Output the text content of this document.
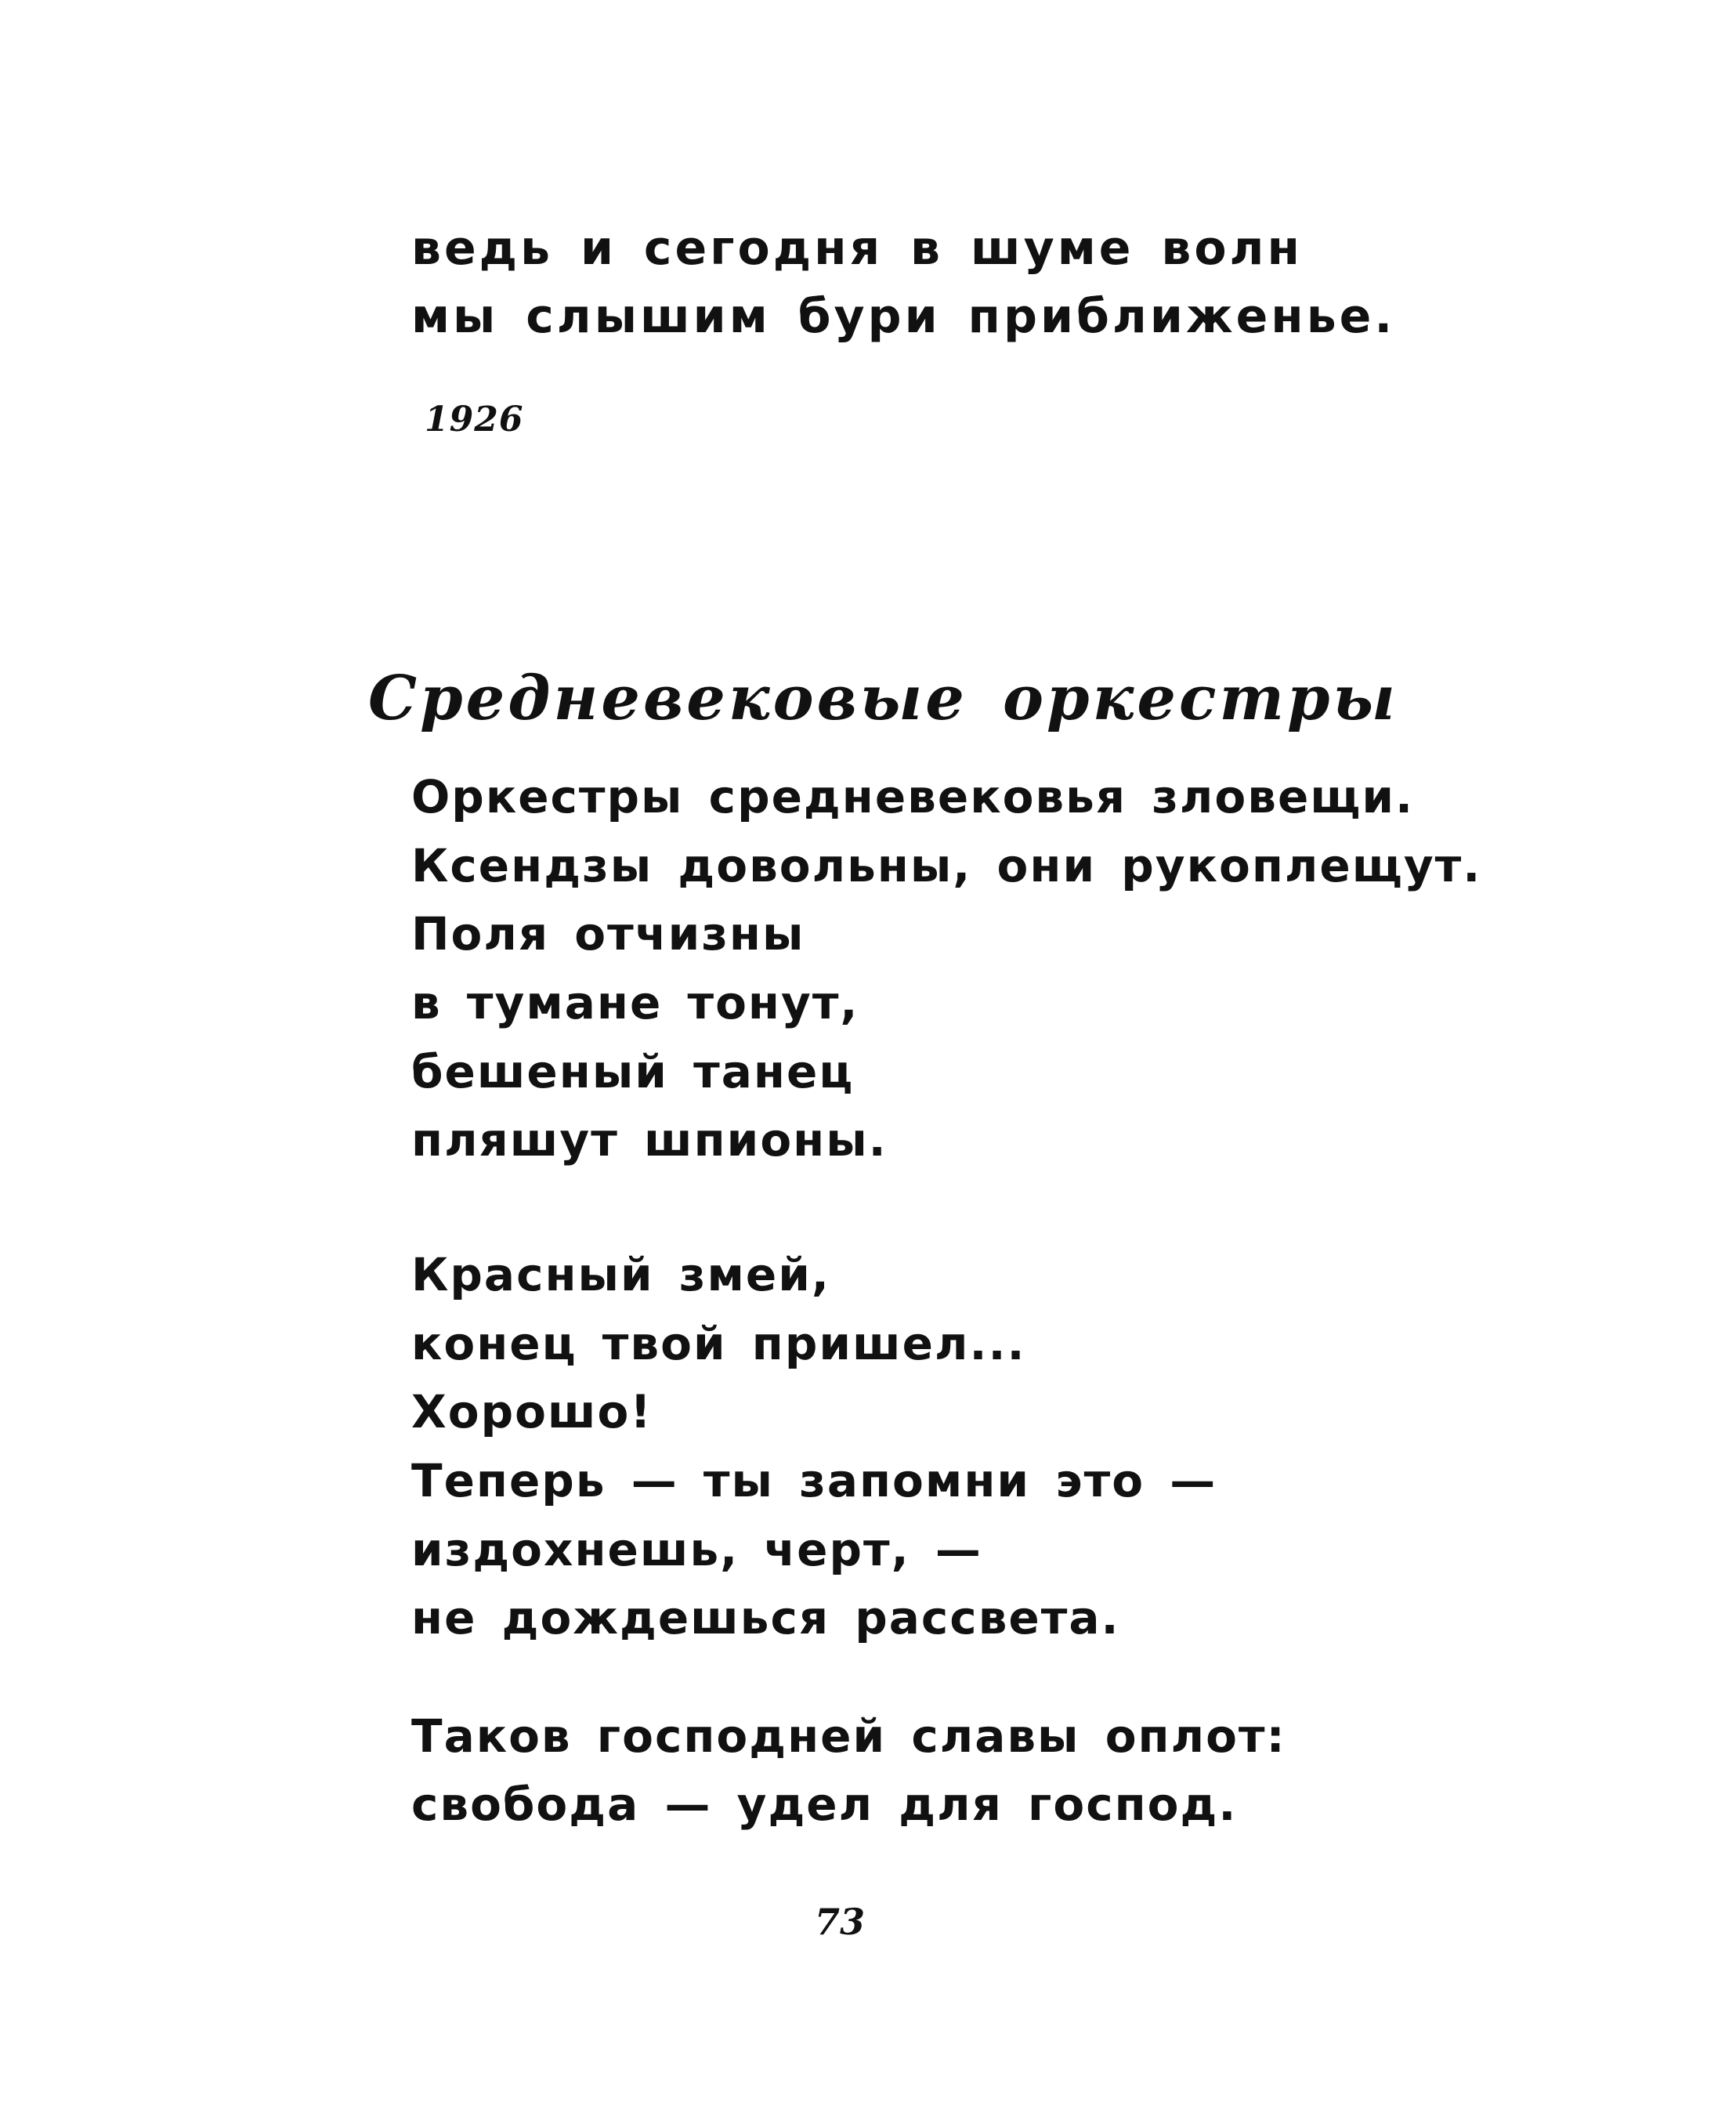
ведь и сегодня в шуме волн
мы слышим бури приближенье.
1926
Средневековые оркестры
Оркестры средневековья зловещи.
Ксендзы довольны, они рукоплещут.
Поля отчизны
в тумане тонут,
бешеный танец
пляшут шпионы.
Красный змей,
конец твой пришел...
Хорошо!
Теперь — ты запомни это —
издохнешь, черт, —
не дождешься рассвета.
Таков господней славы оплот:
свобода — удел для господ.
73
